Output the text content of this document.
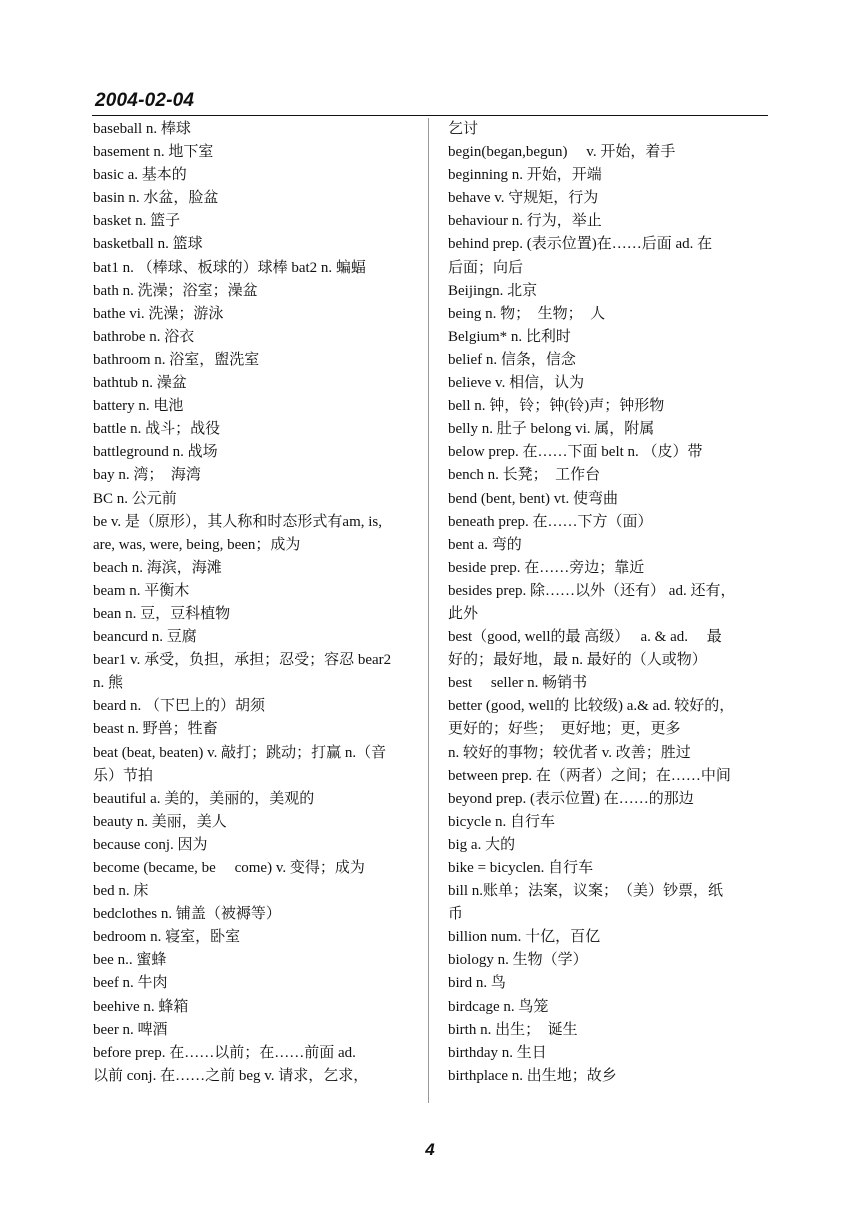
2004-02-04
baseball n. 棒球
basement n. 地下室
basic a. 基本的
basin n. 水盆，脸盆
basket n. 篮子
basketball n. 篮球
bat1 n. （棒球、板球的）球棒 bat2 n. 蝙蝠
bath n. 洗澡；浴室；澡盆
bathe vi. 洗澡；游泳
bathrobe n. 浴衣
bathroom n. 浴室，盥洗室
bathtub n. 澡盆
battery n. 电池
battle n. 战斗；战役
battleground n. 战场
bay n. 湾；　海湾
BC n. 公元前
be v. 是（原形），其人称和时态形式有am, is,
are, was, were, being, been；成为
beach n. 海滨，海滩
beam n. 平衡木
bean n. 豆，豆科植物
beancurd n. 豆腐
bear1 v. 承受，负担，承担；忍受；容忍 bear2
n. 熊
beard n. （下巴上的）胡须
beast n. 野兽；牲畜
beat (beat, beaten) v. 敲打；跳动；打赢 n.（音
乐）节拍
beautiful a. 美的，美丽的，美观的
beauty n. 美丽，美人
because conj. 因为
become (became, be　 come) v. 变得；成为
bed n. 床
bedclothes n. 铺盖（被褥等）
bedroom n. 寝室，卧室
bee n.. 蜜蜂
beef n. 牛肉
beehive n. 蜂箱
beer n. 啤酒
before prep. 在……以前；在……前面 ad.
以前 conj. 在……之前 beg v. 请求，乞求，
乞讨
begin(began,begun)　 v. 开始，着手
beginning n. 开始，开端
behave v. 守规矩，行为
behaviour n. 行为，举止
behind prep. (表示位置)在……后面 ad. 在
后面；向后
Beijingn. 北京
being n. 物；　生物；　人
Belgium* n. 比利时
belief n. 信条，信念
believe v. 相信，认为
bell n. 钟，铃；钟(铃)声；钟形物
belly n. 肚子 belong vi. 属，附属
below prep. 在……下面 belt n. （皮）带
bench n. 长凳；　工作台
bend (bent, bent) vt. 使弯曲
beneath prep. 在……下方（面）
bent a. 弯的
beside prep. 在……旁边；靠近
besides prep. 除……以外（还有） ad. 还有，
此外
best（good, well的最 高级）　 a. & ad.　 最
好的；最好地，最 n. 最好的（人或物）
best　 seller n. 畅销书
better (good, well的 比较级) a.& ad. 较好的，
更好的；好些；　更好地；更，更多
n. 较好的事物；较优者 v. 改善；胜过
between prep. 在（两者）之间；在……中间
beyond prep. (表示位置) 在……的那边
bicycle n. 自行车
big a. 大的
bike = bicyclen. 自行车
bill n.账单；法案，议案；　（美）钞票，纸
币
billion num. 十亿，百亿
biology n. 生物（学）
bird n. 鸟
birdcage n. 鸟笼
birth n. 出生；　诞生
birthday n. 生日
birthplace n. 出生地；故乡
4
